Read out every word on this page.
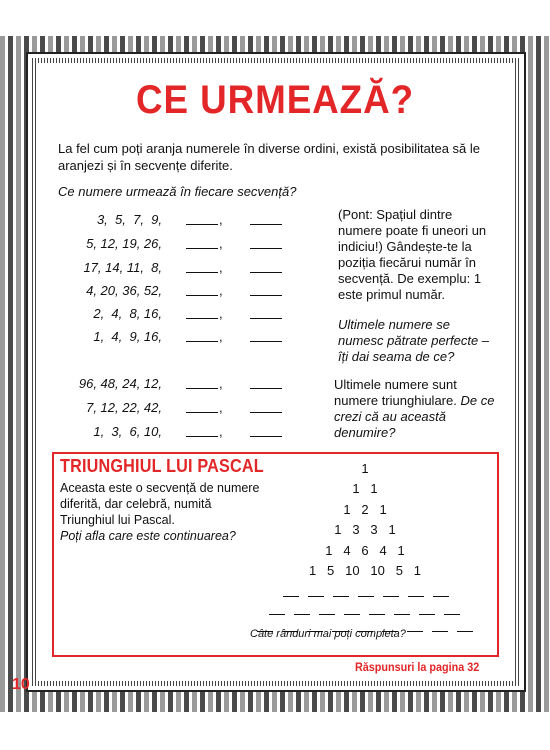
CE URMEAZĂ?
La fel cum poți aranja numerele în diverse ordini, există posibilitatea să le aranjezi și în secvențe diferite.
Ce numere urmează în fiecare secvență?
3,  5,  7,  9,	,
5, 12, 19, 26,	,
17, 14, 11,  8,	,
4, 20, 36, 52,	,
2,  4,  8, 16,	,
1,  4,  9, 16,	,
96, 48, 24, 12,	,
7, 12, 22, 42,	,
1,  3,  6, 10,	,
(Pont: Spațiul dintre numere poate fi uneori un indiciu!) Gândește-te la poziția fiecărui număr în secvență. De exemplu: 1 este primul număr.
Ultimele numere se numesc pătrate perfecte – îți dai seama de ce?
Ultimele numere sunt numere triunghiulare. De ce crezi că au această denumire?
TRIUNGHIUL LUI PASCAL
Aceasta este o secvență de numere diferită, dar celebră, numită Triunghiul lui Pascal.
Poți afla care este continuarea?
1
1   1
1   2   1
1   3   3   1
1   4   6   4   1
1   5   10   10   5   1

Câte rânduri mai poți completa?
Răspunsuri la pagina 32
10
